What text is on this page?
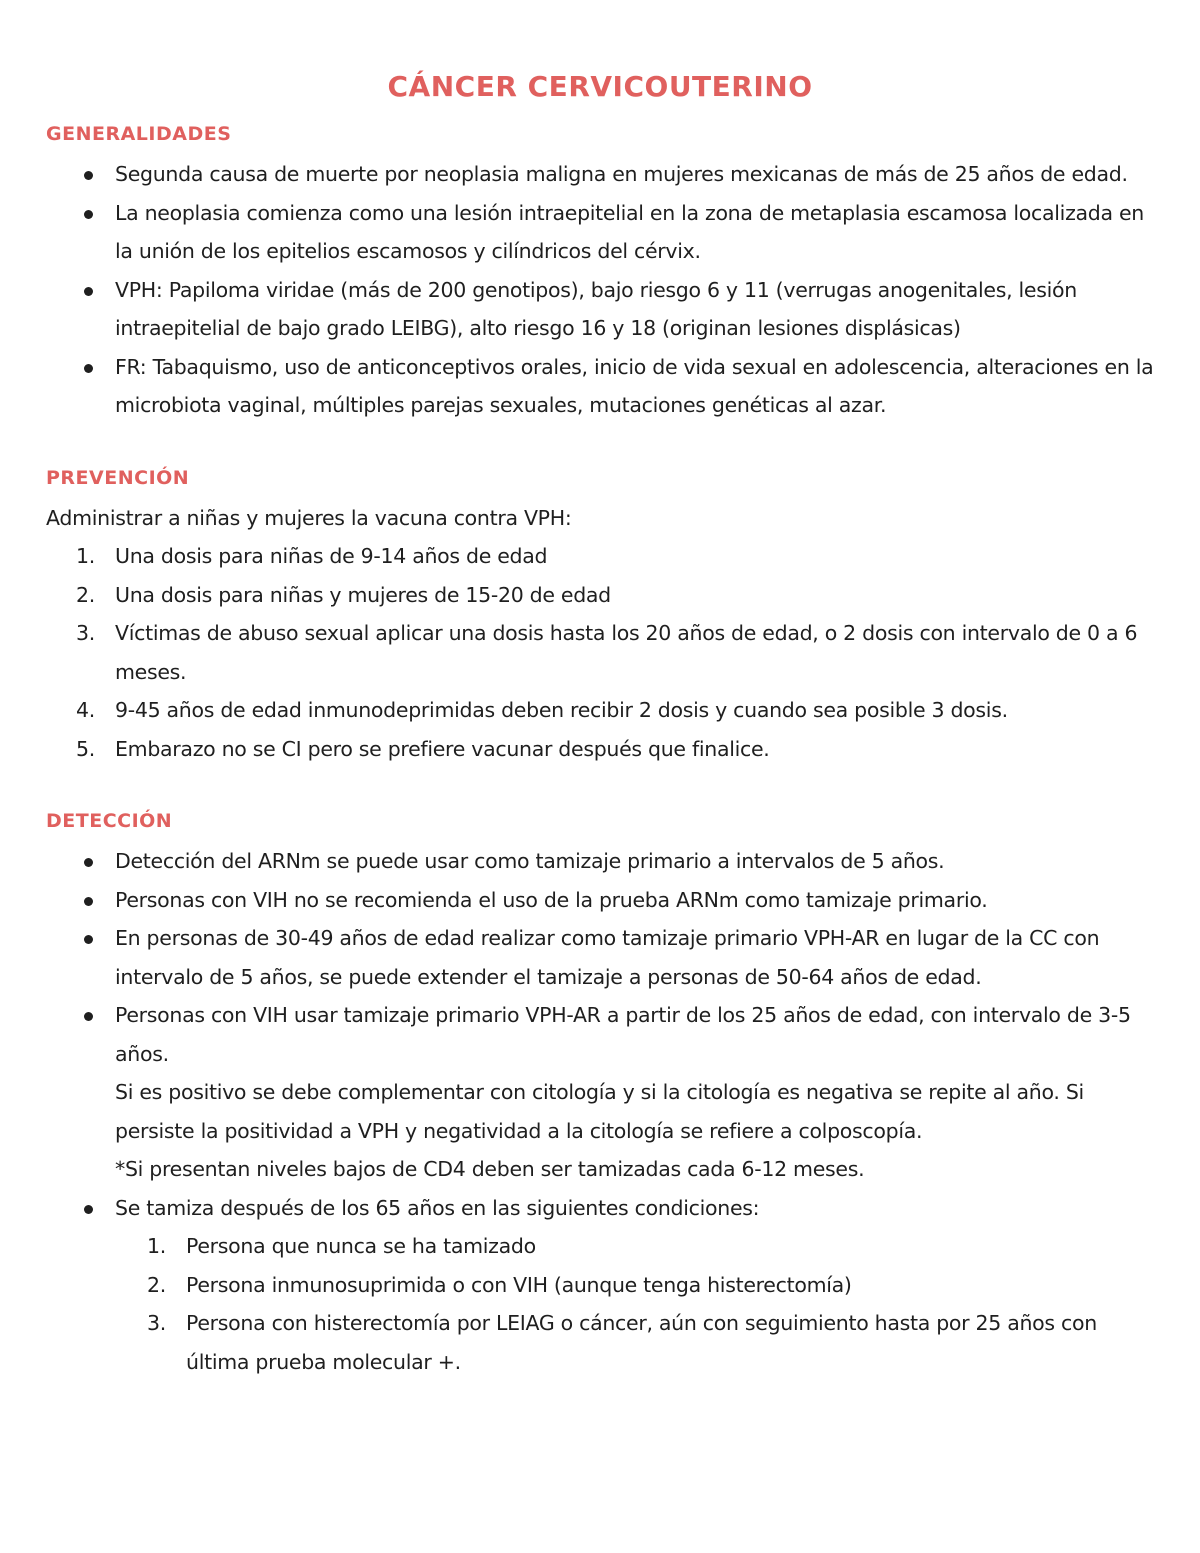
CÁNCER CERVICOUTERINO
GENERALIDADES
Segunda causa de muerte por neoplasia maligna en mujeres mexicanas de más de 25 años de edad.
La neoplasia comienza como una lesión intraepitelial en la zona de metaplasia escamosa localizada en la unión de los epitelios escamosos y cilíndricos del cérvix.
VPH: Papiloma viridae (más de 200 genotipos), bajo riesgo 6 y 11 (verrugas anogenitales, lesión intraepitelial de bajo grado LEIBG), alto riesgo 16 y 18 (originan lesiones displásicas)
FR: Tabaquismo, uso de anticonceptivos orales, inicio de vida sexual en adolescencia, alteraciones en la microbiota vaginal, múltiples parejas sexuales, mutaciones genéticas al azar.
PREVENCIÓN

Administrar a niñas y mujeres la vacuna contra VPH:

1. Una dosis para niñas de 9-14 años de edad
2. Una dosis para niñas y mujeres de 15-20 de edad
3. Víctimas de abuso sexual aplicar una dosis hasta los 20 años de edad, o 2 dosis con intervalo de 0 a 6 meses.
4. 9-45 años de edad inmunodeprimidas deben recibir 2 dosis y cuando sea posible 3 dosis.
5. Embarazo no se CI pero se prefiere vacunar después que finalice.
DETECCIÓN
Detección del ARNm se puede usar como tamizaje primario a intervalos de 5 años.
Personas con VIH no se recomienda el uso de la prueba ARNm como tamizaje primario.
En personas de 30-49 años de edad realizar como tamizaje primario VPH-AR en lugar de la CC con intervalo de 5 años, se puede extender el tamizaje a personas de 50-64 años de edad.
Personas con VIH usar tamizaje primario VPH-AR a partir de los 25 años de edad, con intervalo de 3-5 años.
Si es positivo se debe complementar con citología y si la citología es negativa se repite al año. Si persiste la positividad a VPH y negatividad a la citología se refiere a colposcopía.
*Si presentan niveles bajos de CD4 deben ser tamizadas cada 6-12 meses.
Se tamiza después de los 65 años en las siguientes condiciones:
1. Persona que nunca se ha tamizado
2. Persona inmunosuprimida o con VIH (aunque tenga histerectomía)
3. Persona con histerectomía por LEIAG o cáncer, aún con seguimiento hasta por 25 años con última prueba molecular +.
